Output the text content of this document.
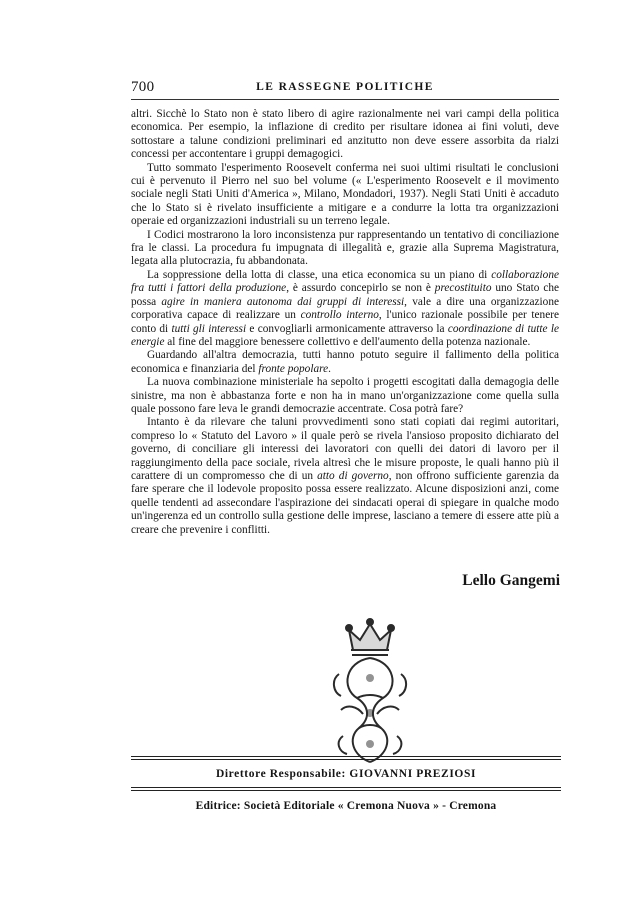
700	LE RASSEGNE POLITICHE

altri. Sicchè lo Stato non è stato libero di agire razionalmente nei vari campi della politica economica. Per esempio, la inflazione di credito per risultare idonea ai fini voluti, deve sottostare a talune condizioni preliminari ed anzitutto non deve essere assorbita da rialzi concessi per accontentare i gruppi demagogici.

Tutto sommato l'esperimento Roosevelt conferma nei suoi ultimi risultati le conclusioni cui è pervenuto il Pierro nel suo bel volume (« L'esperimento Roosevelt e il movimento sociale negli Stati Uniti d'America », Milano, Mondadori, 1937). Negli Stati Uniti è accaduto che lo Stato si è rivelato insufficiente a mitigare e a condurre la lotta tra organizzazioni operaie ed organizzazioni industriali su un terreno legale.

I Codici mostrarono la loro inconsistenza pur rappresentando un tentativo di conciliazione fra le classi. La procedura fu impugnata di illegalità e, grazie alla Suprema Magistratura, legata alla plutocrazia, fu abbandonata.

La soppressione della lotta di classe, una etica economica su un piano di collaborazione fra tutti i fattori della produzione, è assurdo concepirlo se non è precostituito uno Stato che possa agire in maniera autonoma dai gruppi di interessi, vale a dire una organizzazione corporativa capace di realizzare un controllo interno, l'unico razionale possibile per tenere conto di tutti gli interessi e convogliarli armonicamente attraverso la coordinazione di tutte le energie al fine del maggiore benessere collettivo e dell'aumento della potenza nazionale.

Guardando all'altra democrazia, tutti hanno potuto seguire il fallimento della politica economica e finanziaria del fronte popolare.

La nuova combinazione ministeriale ha sepolto i progetti escogitati dalla demagogia delle sinistre, ma non è abbastanza forte e non ha in mano un'organizzazione come quella sulla quale possono fare leva le grandi democrazie accentrate. Cosa potrà fare?

Intanto è da rilevare che taluni provvedimenti sono stati copiati dai regimi autoritari, compreso lo « Statuto del Lavoro » il quale però se rivela l'ansioso proposito dichiarato del governo, di conciliare gli interessi dei lavoratori con quelli dei datori di lavoro per il raggiungimento della pace sociale, rivela altresì che le misure proposte, le quali hanno più il carattere di un compromesso che di un atto di governo, non offrono sufficiente garenzia da fare sperare che il lodevole proposito possa essere realizzato. Alcune disposizioni anzi, come quelle tendenti ad assecondare l'aspirazione dei sindacati operai di spiegare in qualche modo un'ingerenza ed un controllo sulla gestione delle imprese, lasciano a temere di essere atte più a creare che prevenire i conflitti.

Lello Gangemi
Direttore Responsabile: GIOVANNI PREZIOSI
Editrice: Società Editoriale « Cremona Nuova » - Cremona
